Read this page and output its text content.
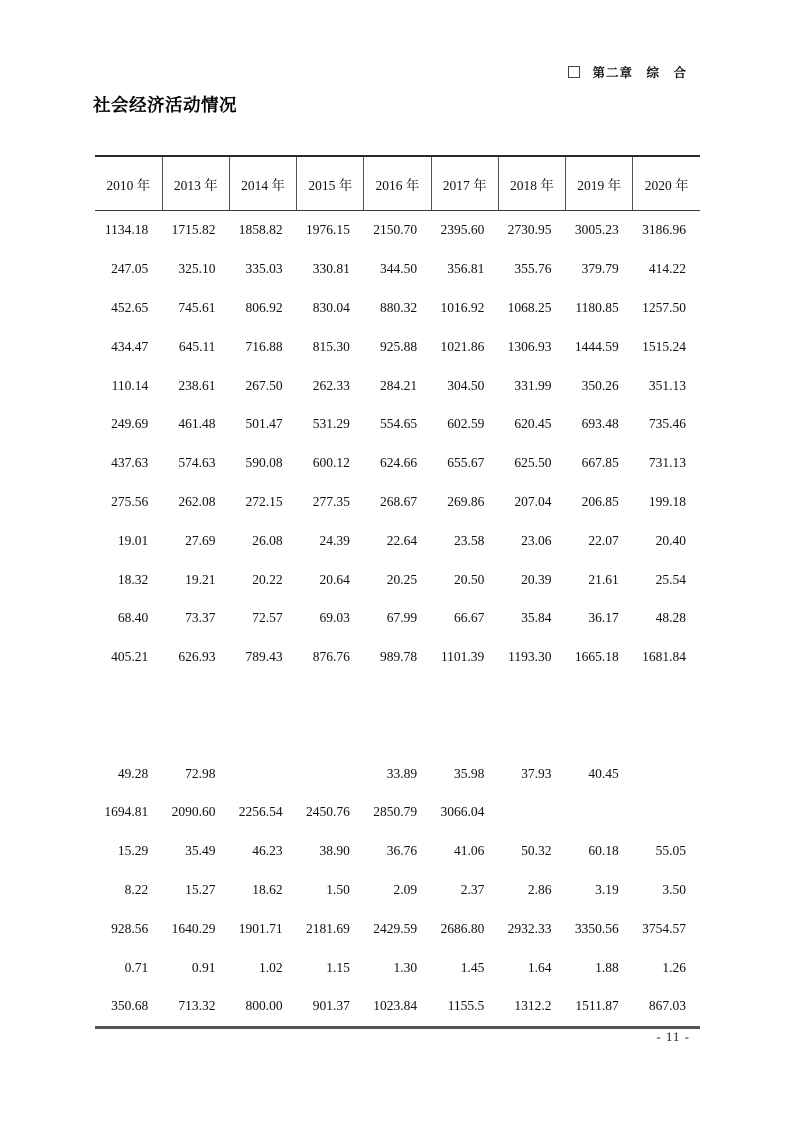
第二章　综　合
社会经济活动情况
2010 年	2013 年	2014 年	2015 年	2016 年	2017 年	2018 年	2019 年	2020 年
1134.18	1715.82	1858.82	1976.15	2150.70	2395.60	2730.95	3005.23	3186.96
247.05	325.10	335.03	330.81	344.50	356.81	355.76	379.79	414.22
452.65	745.61	806.92	830.04	880.32	1016.92	1068.25	1180.85	1257.50
434.47	645.11	716.88	815.30	925.88	1021.86	1306.93	1444.59	1515.24
110.14	238.61	267.50	262.33	284.21	304.50	331.99	350.26	351.13
249.69	461.48	501.47	531.29	554.65	602.59	620.45	693.48	735.46
437.63	574.63	590.08	600.12	624.66	655.67	625.50	667.85	731.13
275.56	262.08	272.15	277.35	268.67	269.86	207.04	206.85	199.18
19.01	27.69	26.08	24.39	22.64	23.58	23.06	22.07	20.40
18.32	19.21	20.22	20.64	20.25	20.50	20.39	21.61	25.54
68.40	73.37	72.57	69.03	67.99	66.67	35.84	36.17	48.28
405.21	626.93	789.43	876.76	989.78	1101.39	1193.30	1665.18	1681.84

49.28	72.98			33.89	35.98	37.93	40.45	
1694.81	2090.60	2256.54	2450.76	2850.79	3066.04			
15.29	35.49	46.23	38.90	36.76	41.06	50.32	60.18	55.05
8.22	15.27	18.62	1.50	2.09	2.37	2.86	3.19	3.50
928.56	1640.29	1901.71	2181.69	2429.59	2686.80	2932.33	3350.56	3754.57
0.71	0.91	1.02	1.15	1.30	1.45	1.64	1.88	1.26
350.68	713.32	800.00	901.37	1023.84	1155.5	1312.2	1511.87	867.03
- 11 -
